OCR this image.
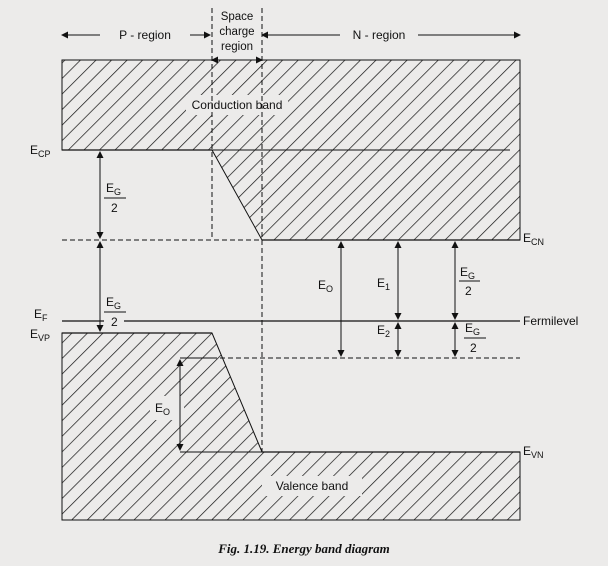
P - region	N - region
Space
charge
region
Conduction band
Valence band
$E_{CP}$
$E_F$
$E_{VP}$
$E_{CN}$
Fermilevel
$E_{VN}$
$E_G$
2
$E_G$
2
$E_O$	$E_1$
$E_2$
$E_G$
2
$E_G$
2
$E_O$
Fig. 1.19. Energy band diagram
